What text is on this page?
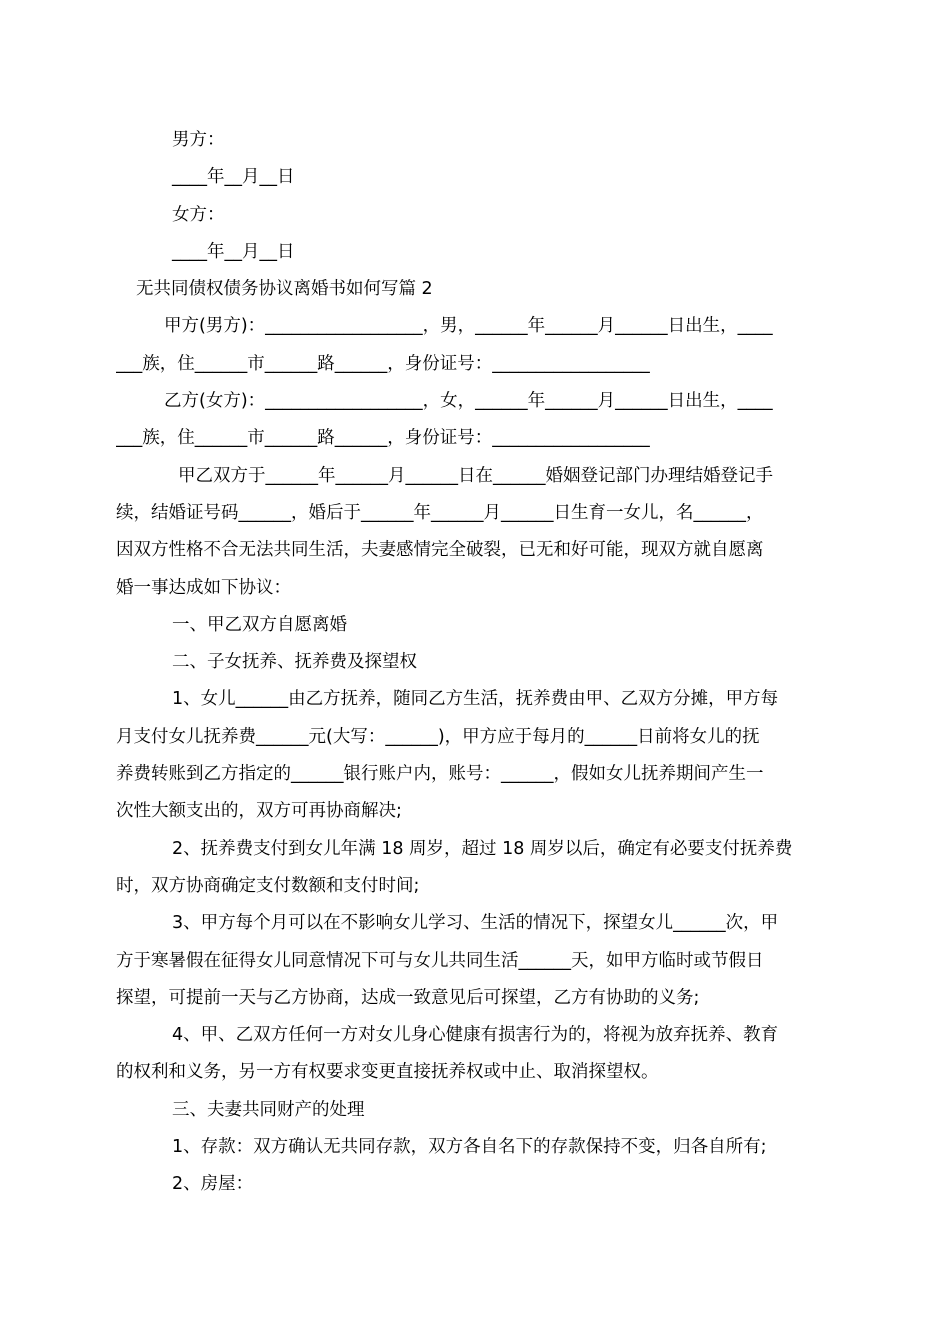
男方：
____年__月__日
女方：
____年__月__日
无共同债权债务协议离婚书如何写篇 2
甲方(男方)：__________________，男，______年______月______日出生，____
___族，住______市______路______，身份证号：__________________
乙方(女方)：__________________，女，______年______月______日出生，____
___族，住______市______路______，身份证号：__________________
甲乙双方于______年______月______日在______婚姻登记部门办理结婚登记手
续，结婚证号码______，婚后于______年______月______日生育一女儿，名______，
因双方性格不合无法共同生活，夫妻感情完全破裂，已无和好可能，现双方就自愿离
婚一事达成如下协议：
一、甲乙双方自愿离婚
二、子女抚养、抚养费及探望权
1、女儿______由乙方抚养，随同乙方生活，抚养费由甲、乙双方分摊，甲方每
月支付女儿抚养费______元(大写：______)，甲方应于每月的______日前将女儿的抚
养费转账到乙方指定的______银行账户内，账号：______，假如女儿抚养期间产生一
次性大额支出的，双方可再协商解决;
2、抚养费支付到女儿年满 18 周岁，超过 18 周岁以后，确定有必要支付抚养费
时，双方协商确定支付数额和支付时间;
3、甲方每个月可以在不影响女儿学习、生活的情况下，探望女儿______次，甲
方于寒暑假在征得女儿同意情况下可与女儿共同生活______天，如甲方临时或节假日
探望，可提前一天与乙方协商，达成一致意见后可探望，乙方有协助的义务;
4、甲、乙双方任何一方对女儿身心健康有损害行为的，将视为放弃抚养、教育
的权利和义务，另一方有权要求变更直接抚养权或中止、取消探望权。
三、夫妻共同财产的处理
1、存款：双方确认无共同存款，双方各自名下的存款保持不变，归各自所有;
2、房屋：
